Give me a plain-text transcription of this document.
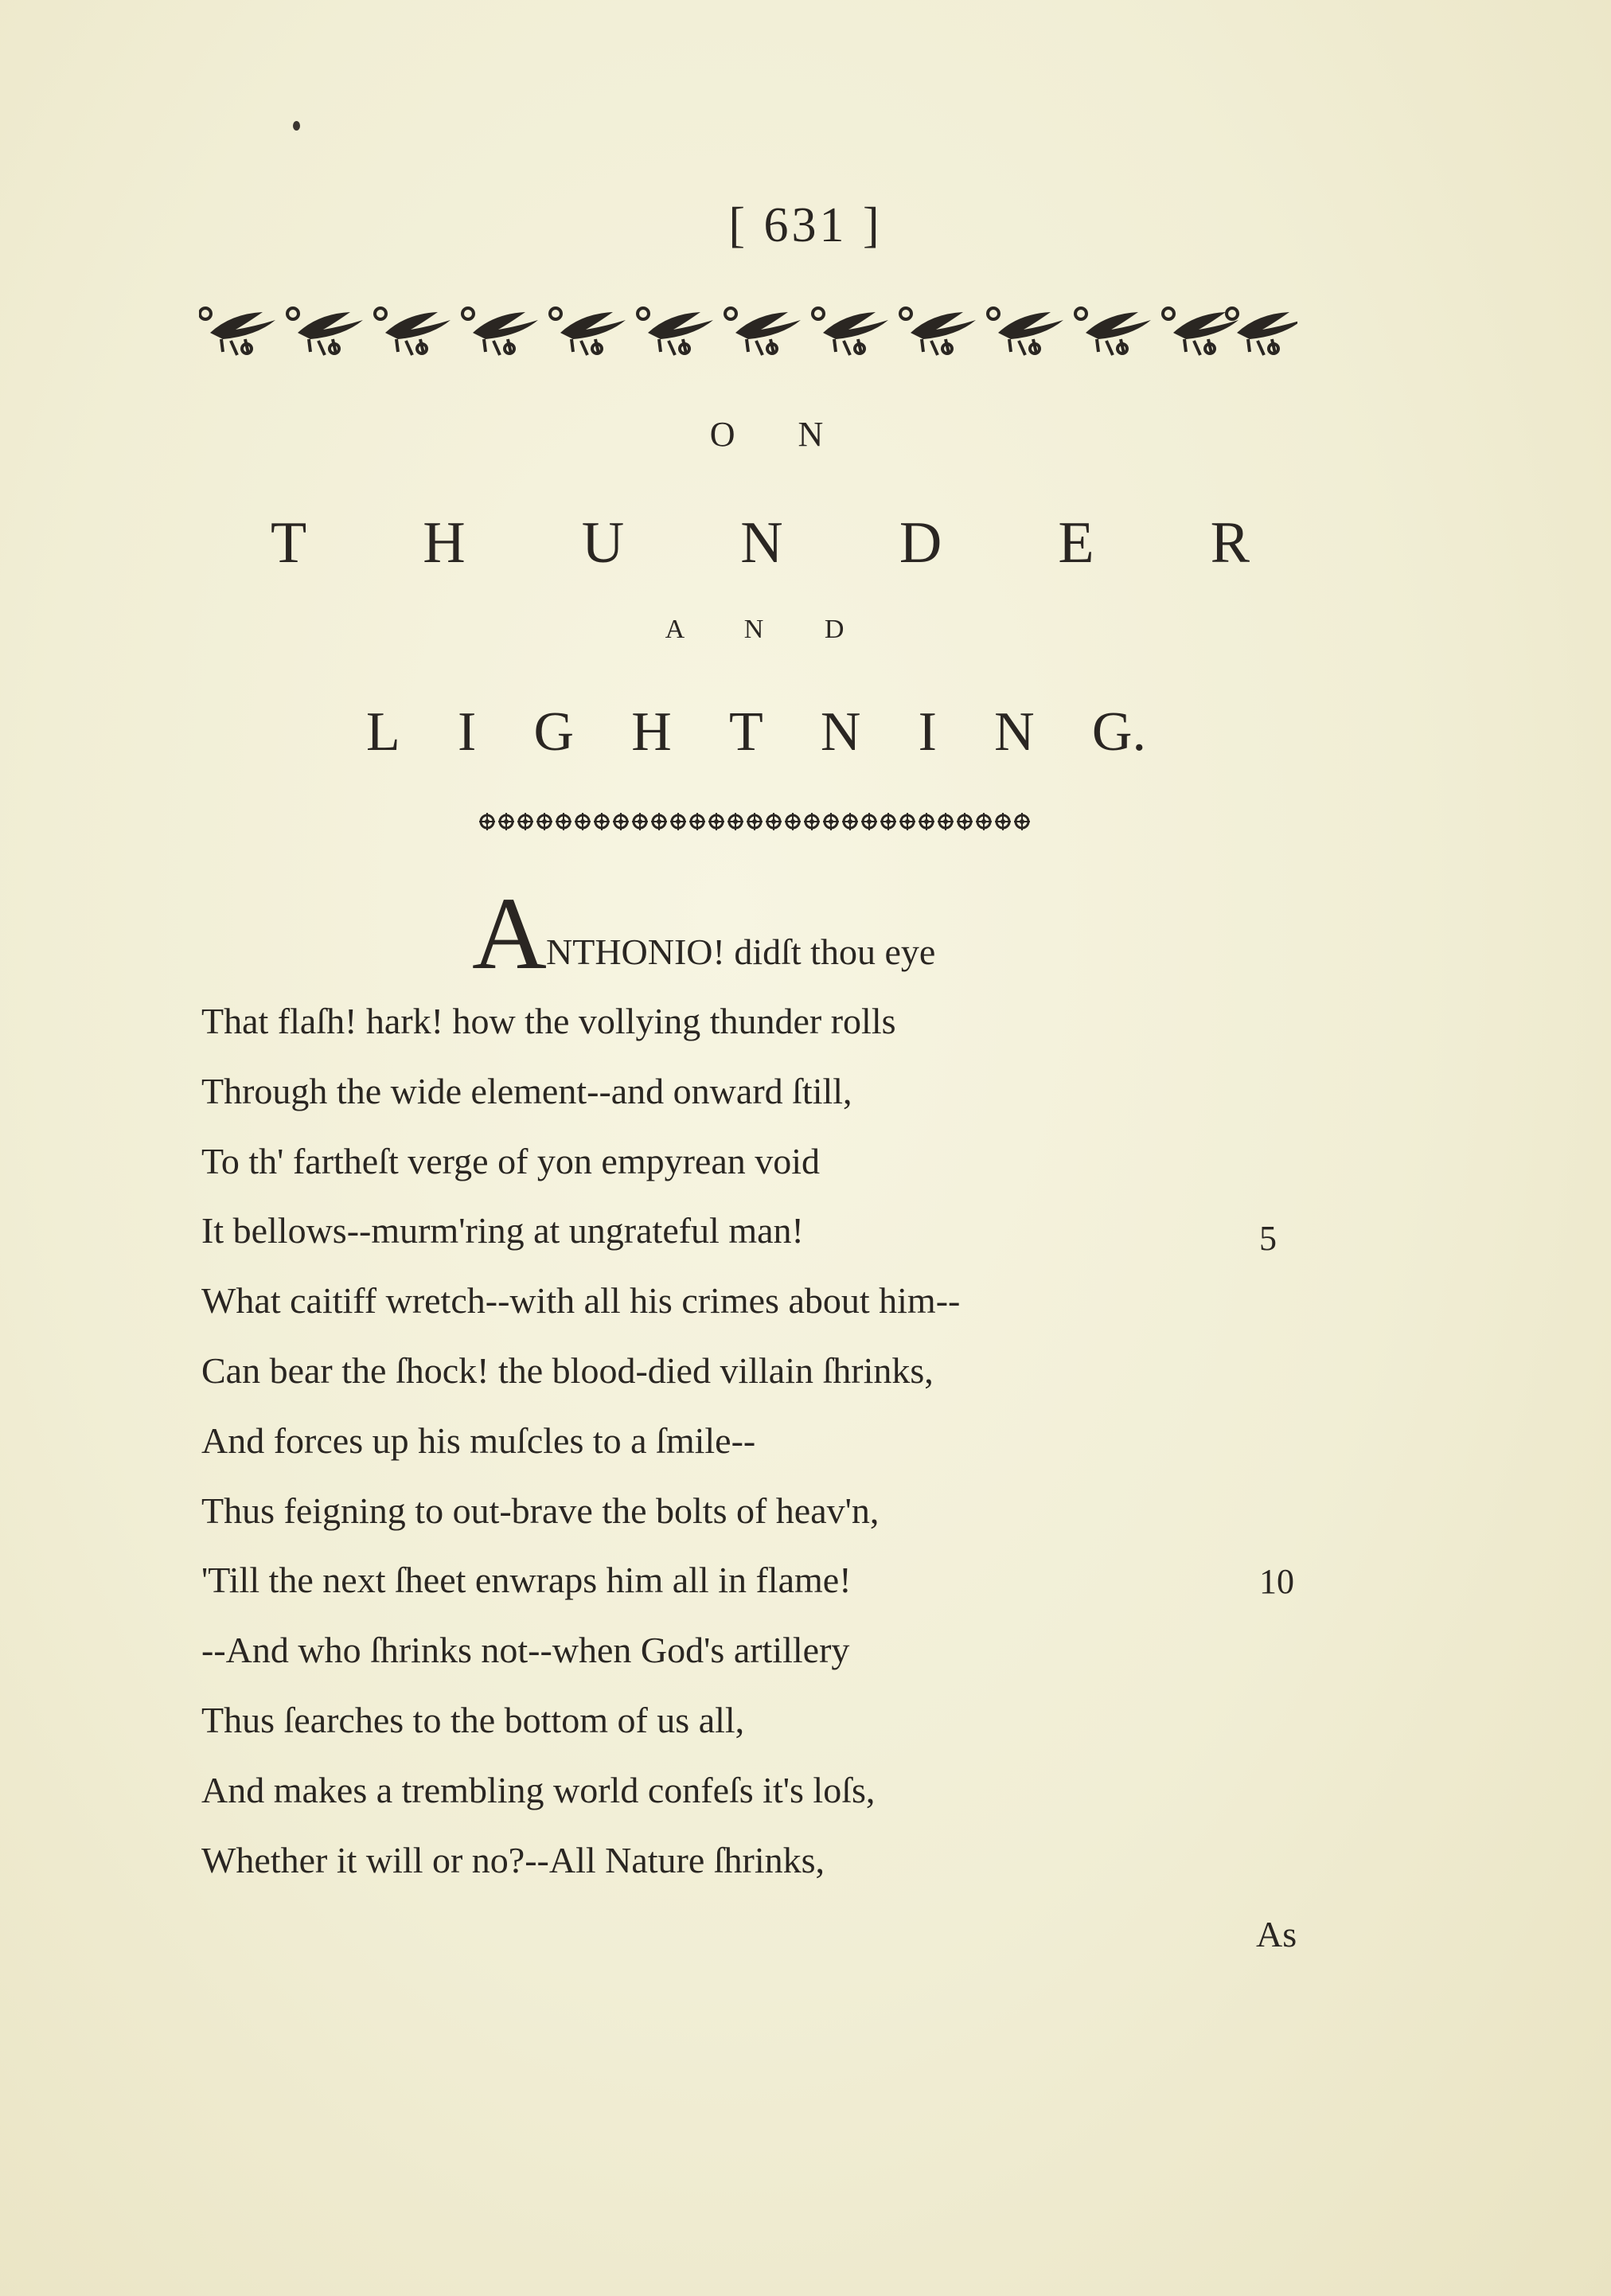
[ 631 ]
O N
T H U N D E R
A N D
L I G H T N I N G.
A NTHONIO! didſt thou eye
That flaſh! hark! how the vollying thunder rolls
Through the wide element--and onward ſtill,
To th' fartheſt verge of yon empyrean void
It bellows--murm'ring at ungrateful man!
What caitiff wretch--with all his crimes about him--
Can bear the ſhock! the blood-died villain ſhrinks,
And forces up his muſcles to a ſmile--
Thus feigning to out-brave the bolts of heav'n,
'Till the next ſheet enwraps him all in flame!
--And who ſhrinks not--when God's artillery
Thus ſearches to the bottom of us all,
And makes a trembling world confeſs it's loſs,
Whether it will or no?--All Nature ſhrinks,
5
10
As
